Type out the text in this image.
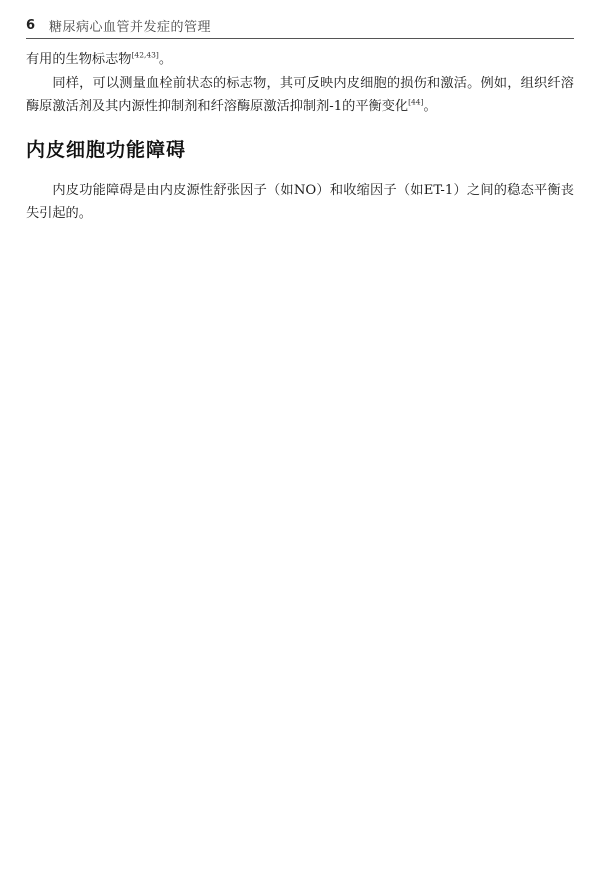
6 糖尿病心血管并发症的管理

有用的生物标志物[42,43]。

同样，可以测量血栓前状态的标志物，其可反映内皮细胞的损伤和激活。例如，组织纤溶酶原激活剂及其内源性抑制剂和纤溶酶原激活抑制剂-1的平衡变化[44]。

内皮细胞功能障碍

内皮功能障碍是由内皮源性舒张因子（如NO）和收缩因子（如ET-1）之间的稳态平衡丧失引起的。
